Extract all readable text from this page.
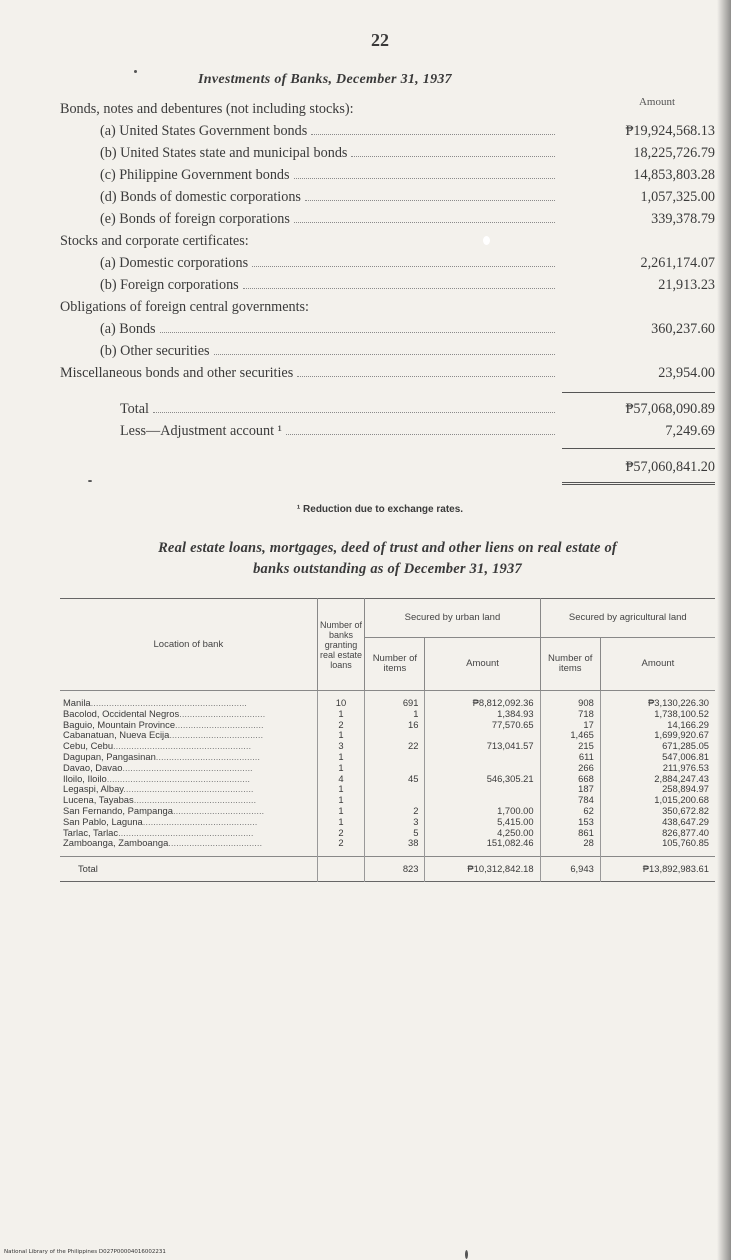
22
Investments of Banks, December 31, 1937
Amount
Bonds, notes and debentures (not including stocks):
(a) United States Government bonds	₱19,924,568.13
(b) United States state and municipal bonds	18,225,726.79
(c) Philippine Government bonds	14,853,803.28
(d) Bonds of domestic corporations	1,057,325.00
(e) Bonds of foreign corporations	339,378.79
Stocks and corporate certificates:
(a) Domestic corporations	2,261,174.07
(b) Foreign corporations	21,913.23
Obligations of foreign central governments:
(a) Bonds	360,237.60
(b) Other securities
Miscellaneous bonds and other securities	23,954.00
Total	₱57,068,090.89
Less—Adjustment account ¹	7,249.69
₱57,060,841.20
¹ Reduction due to exchange rates.
Real estate loans, mortgages, deed of trust and other liens on real estate of
banks outstanding as of December 31, 1937
Location of bank	Number of banks granting real estate loans	Secured by urban land		Secured by agricultural land	
		Number of items	Amount	Number of items	Amount
Manila............................................................	10	691	₱8,812,092.36	908	₱3,130,226.30
Bacolod, Occidental Negros.................................	1	1	1,384.93	718	1,738,100.52
Baguio, Mountain Province..................................	2	16	77,570.65	17	14,166.29
Cabanatuan, Nueva Ecija....................................	1			1,465	1,699,920.67
Cebu, Cebu.....................................................	3	22	713,041.57	215	671,285.05
Dagupan, Pangasinan........................................	1			611	547,006.81
Davao, Davao..................................................	1			266	211,976.53
Iloilo, Iloilo.......................................................	4	45	546,305.21	668	2,884,247.43
Legaspi, Albay..................................................	1			187	258,894.97
Lucena, Tayabas...............................................	1			784	1,015,200.68
San Fernando, Pampanga...................................	1	2	1,700.00	62	350,672.82
San Pablo, Laguna............................................	1	3	5,415.00	153	438,647.29
Tarlac, Tarlac....................................................	2	5	4,250.00	861	826,877.40
Zamboanga, Zamboanga....................................	2	38	151,082.46	28	105,760.85
Total		823	₱10,312,842.18	6,943	₱13,892,983.61
National Library of the Philippines D027P00004016002231
